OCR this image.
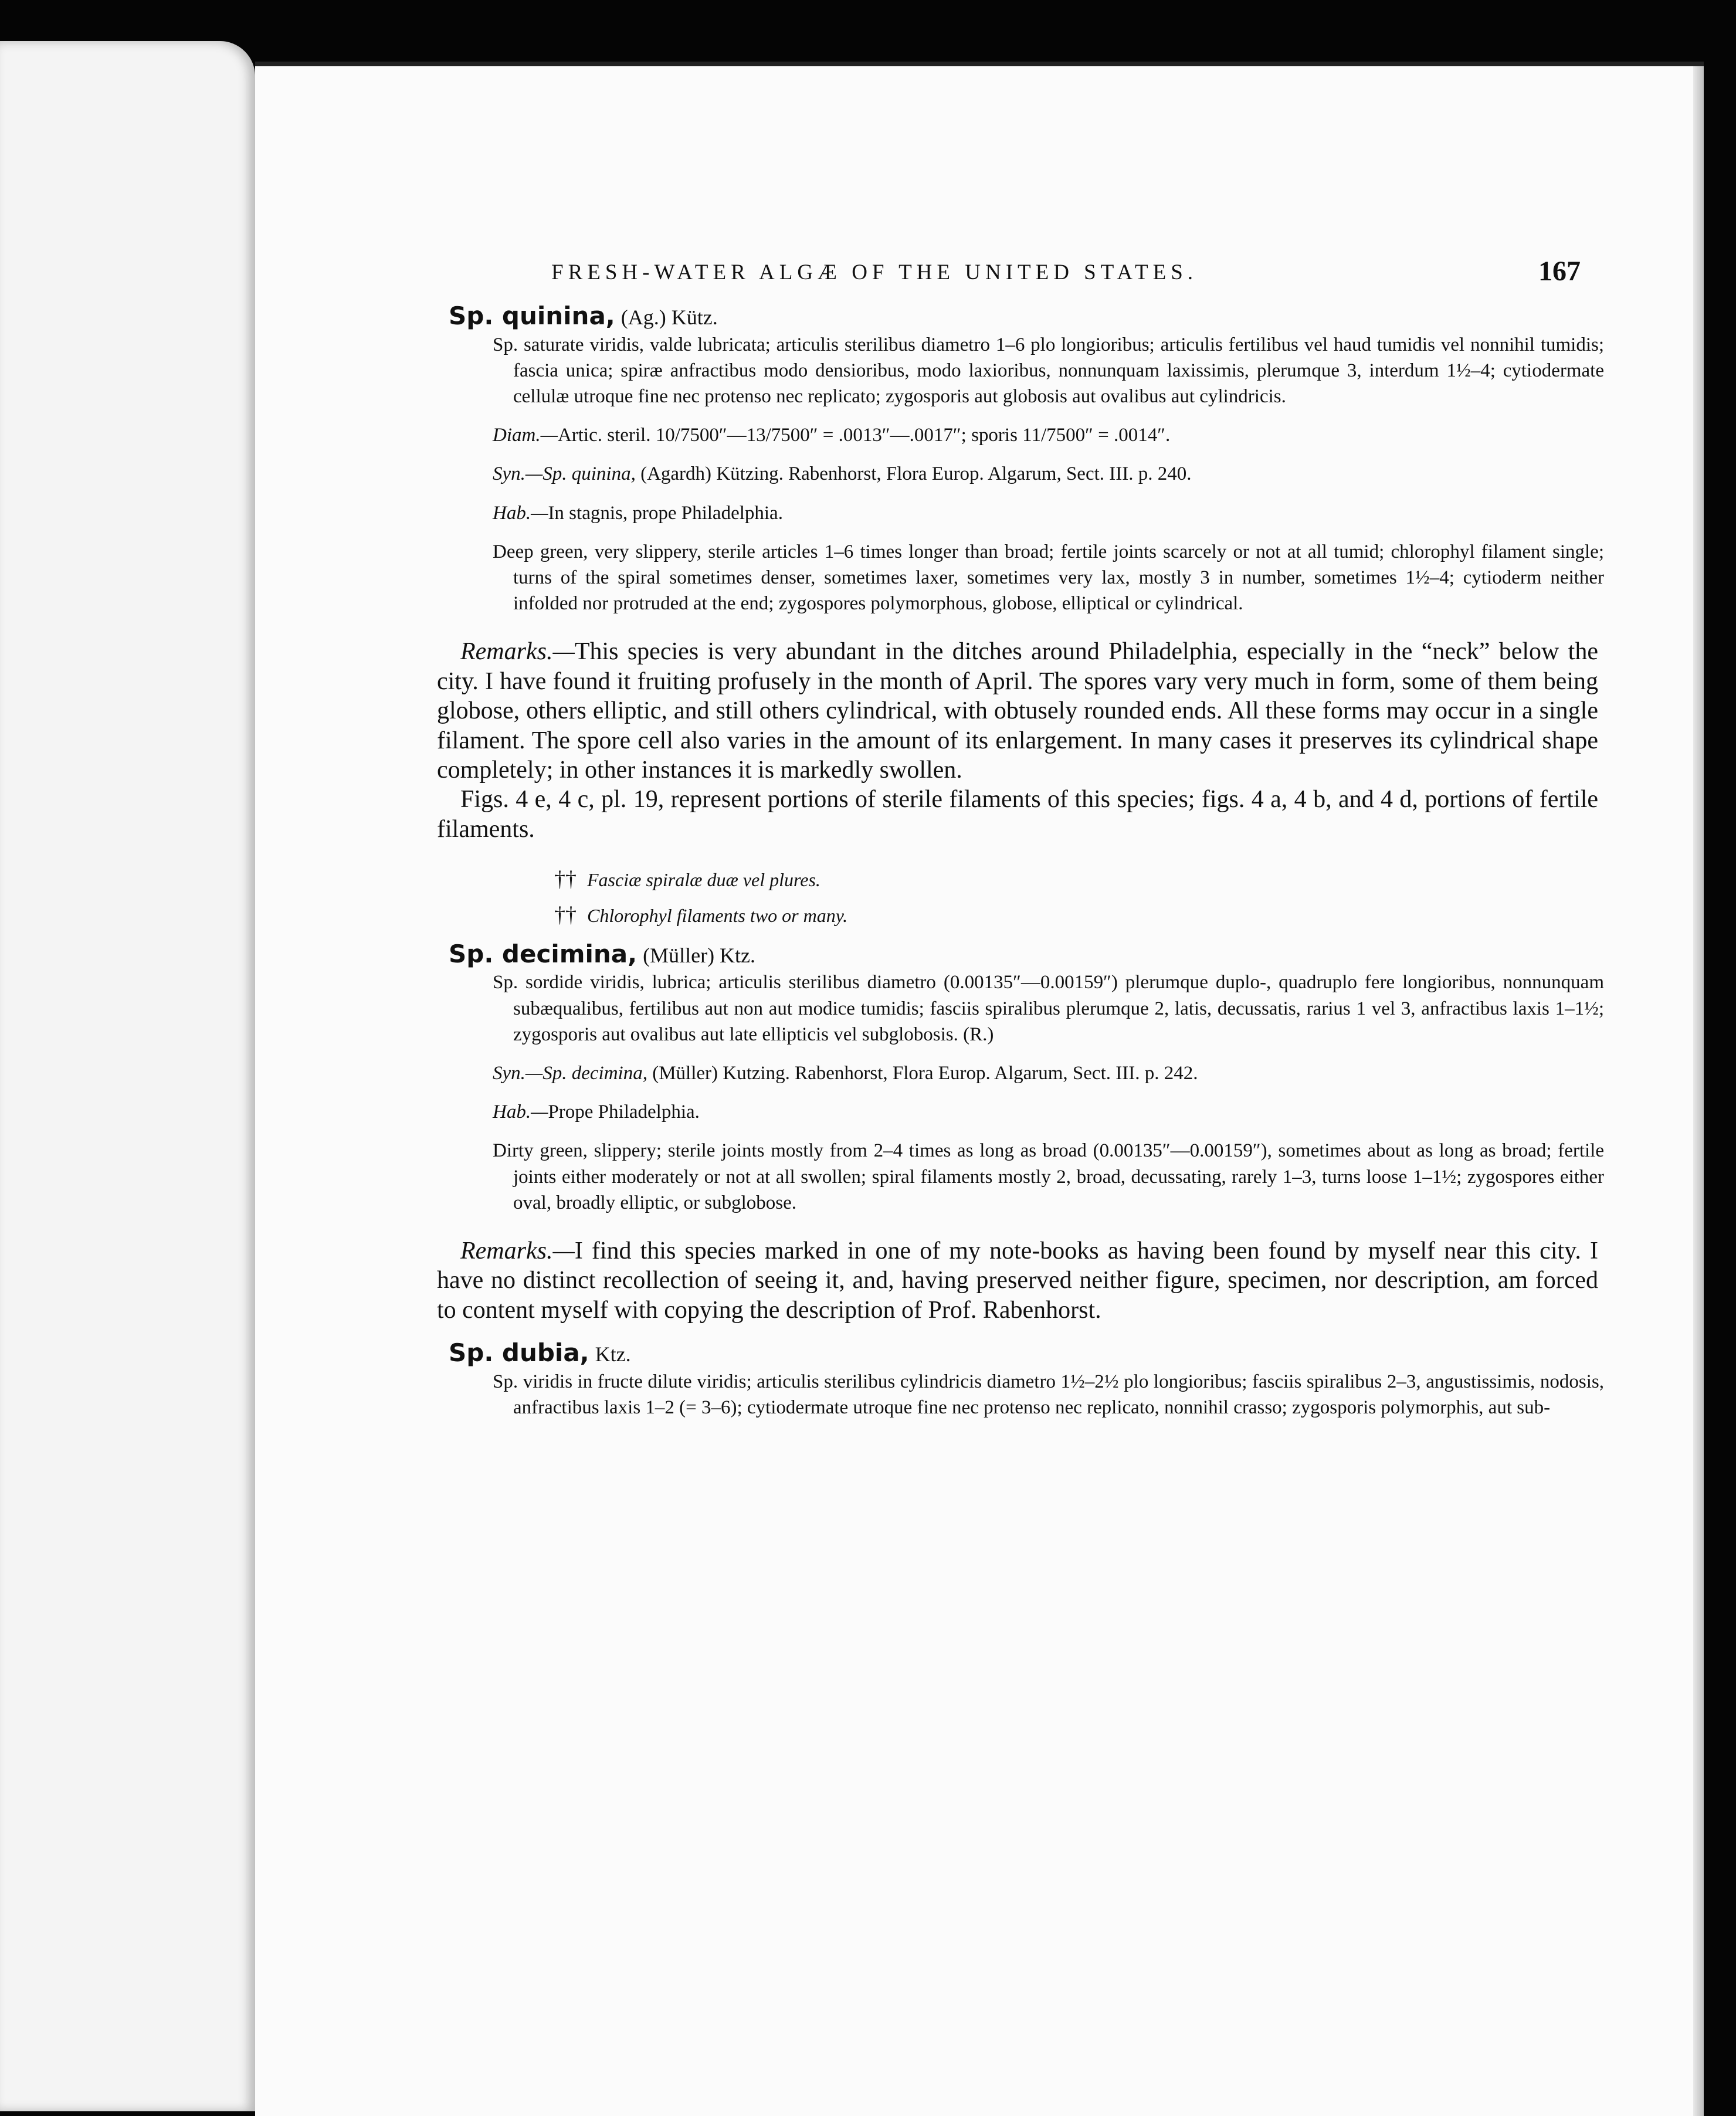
FRESH-WATER ALGÆ OF THE UNITED STATES.	167
Sp. quinina, (Ag.) Kütz.

Sp. saturate viridis, valde lubricata; articulis sterilibus diametro 1–6 plo longioribus; articulis fertilibus vel haud tumidis vel nonnihil tumidis; fascia unica; spiræ anfractibus modo densioribus, modo laxioribus, nonnunquam laxissimis, plerumque 3, interdum 1½–4; cytiodermate cellulæ utroque fine nec protenso nec replicato; zygosporis aut globosis aut ovalibus aut cylindricis.

Diam.—Artic. steril. 10/7500″—13/7500″ = .0013″—.0017″; sporis 11/7500″ = .0014″.

Syn.—Sp. quinina, (Agardh) Kützing. Rabenhorst, Flora Europ. Algarum, Sect. III. p. 240.

Hab.—In stagnis, prope Philadelphia.

Deep green, very slippery, sterile articles 1–6 times longer than broad; fertile joints scarcely or not at all tumid; chlorophyl filament single; turns of the spiral sometimes denser, sometimes laxer, sometimes very lax, mostly 3 in number, sometimes 1½–4; cytioderm neither infolded nor protruded at the end; zygospores polymorphous, globose, elliptical or cylindrical.

Remarks.—This species is very abundant in the ditches around Philadelphia, especially in the “neck” below the city. I have found it fruiting profusely in the month of April. The spores vary very much in form, some of them being globose, others elliptic, and still others cylindrical, with obtusely rounded ends. All these forms may occur in a single filament. The spore cell also varies in the amount of its enlargement. In many cases it preserves its cylindrical shape completely; in other instances it is markedly swollen.

Figs. 4 e, 4 c, pl. 19, represent portions of sterile filaments of this species; figs. 4 a, 4 b, and 4 d, portions of fertile filaments.

†† Fasciæ spiralæ duæ vel plures.
†† Chlorophyl filaments two or many.
Sp. decimina, (Müller) Ktz.

Sp. sordide viridis, lubrica; articulis sterilibus diametro (0.00135″—0.00159″) plerumque duplo-, quadruplo fere longioribus, nonnunquam subæqualibus, fertilibus aut non aut modice tumidis; fasciis spiralibus plerumque 2, latis, decussatis, rarius 1 vel 3, anfractibus laxis 1–1½; zygosporis aut ovalibus aut late ellipticis vel subglobosis. (R.)

Syn.—Sp. decimina, (Müller) Kutzing. Rabenhorst, Flora Europ. Algarum, Sect. III. p. 242.

Hab.—Prope Philadelphia.

Dirty green, slippery; sterile joints mostly from 2–4 times as long as broad (0.00135″—0.00159″), sometimes about as long as broad; fertile joints either moderately or not at all swollen; spiral filaments mostly 2, broad, decussating, rarely 1–3, turns loose 1–1½; zygospores either oval, broadly elliptic, or subglobose.

Remarks.—I find this species marked in one of my note-books as having been found by myself near this city. I have no distinct recollection of seeing it, and, having preserved neither figure, specimen, nor description, am forced to content myself with copying the description of Prof. Rabenhorst.

Sp. dubia, Ktz.

Sp. viridis in fructe dilute viridis; articulis sterilibus cylindricis diametro 1½–2½ plo longioribus; fasciis spiralibus 2–3, angustissimis, nodosis, anfractibus laxis 1–2 (= 3–6); cytiodermate utroque fine nec protenso nec replicato, nonnihil crasso; zygosporis polymorphis, aut sub-
